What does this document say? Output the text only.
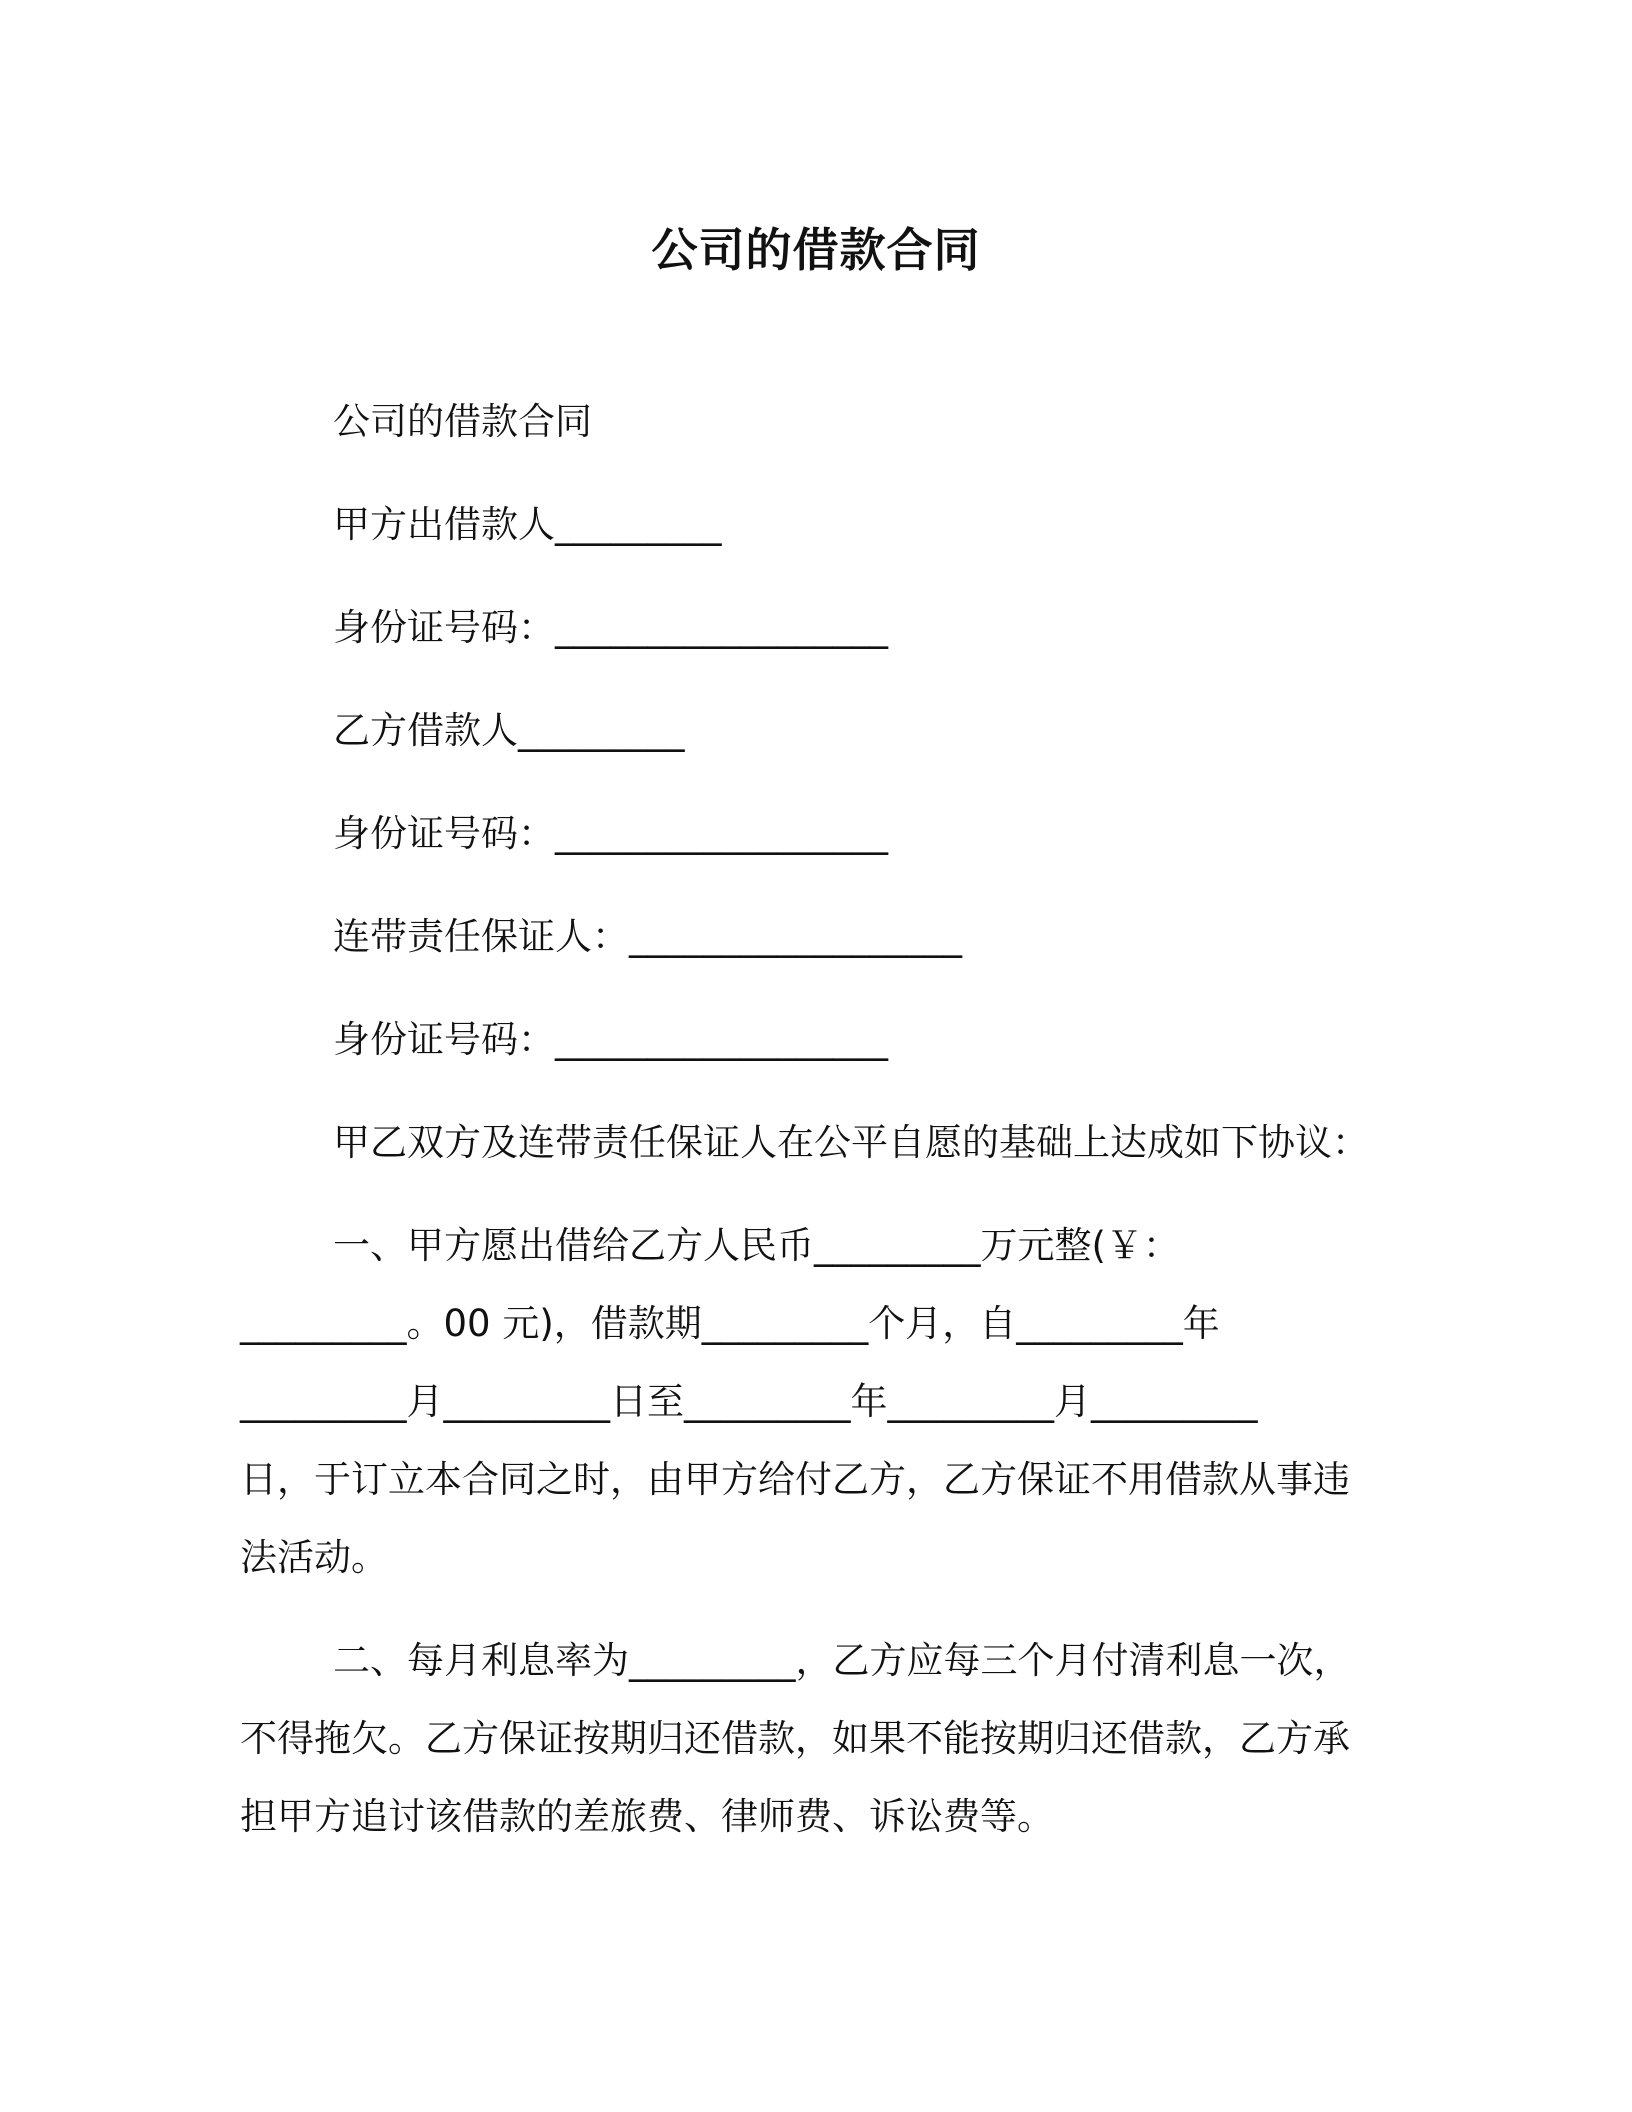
公司的借款合同
公司的借款合同
甲方出借款人_________
身份证号码：__________________
乙方借款人_________
身份证号码：__________________
连带责任保证人：__________________
身份证号码：__________________
甲乙双方及连带责任保证人在公平自愿的基础上达成如下协议：
一、甲方愿出借给乙方人民币_________万元整(￥：
_________。00 元)，借款期_________个月，自_________年
_________月_________日至_________年_________月_________
日，于订立本合同之时，由甲方给付乙方，乙方保证不用借款从事违
法活动。
二、每月利息率为_________，乙方应每三个月付清利息一次，
不得拖欠。乙方保证按期归还借款，如果不能按期归还借款，乙方承
担甲方追讨该借款的差旅费、律师费、诉讼费等。
